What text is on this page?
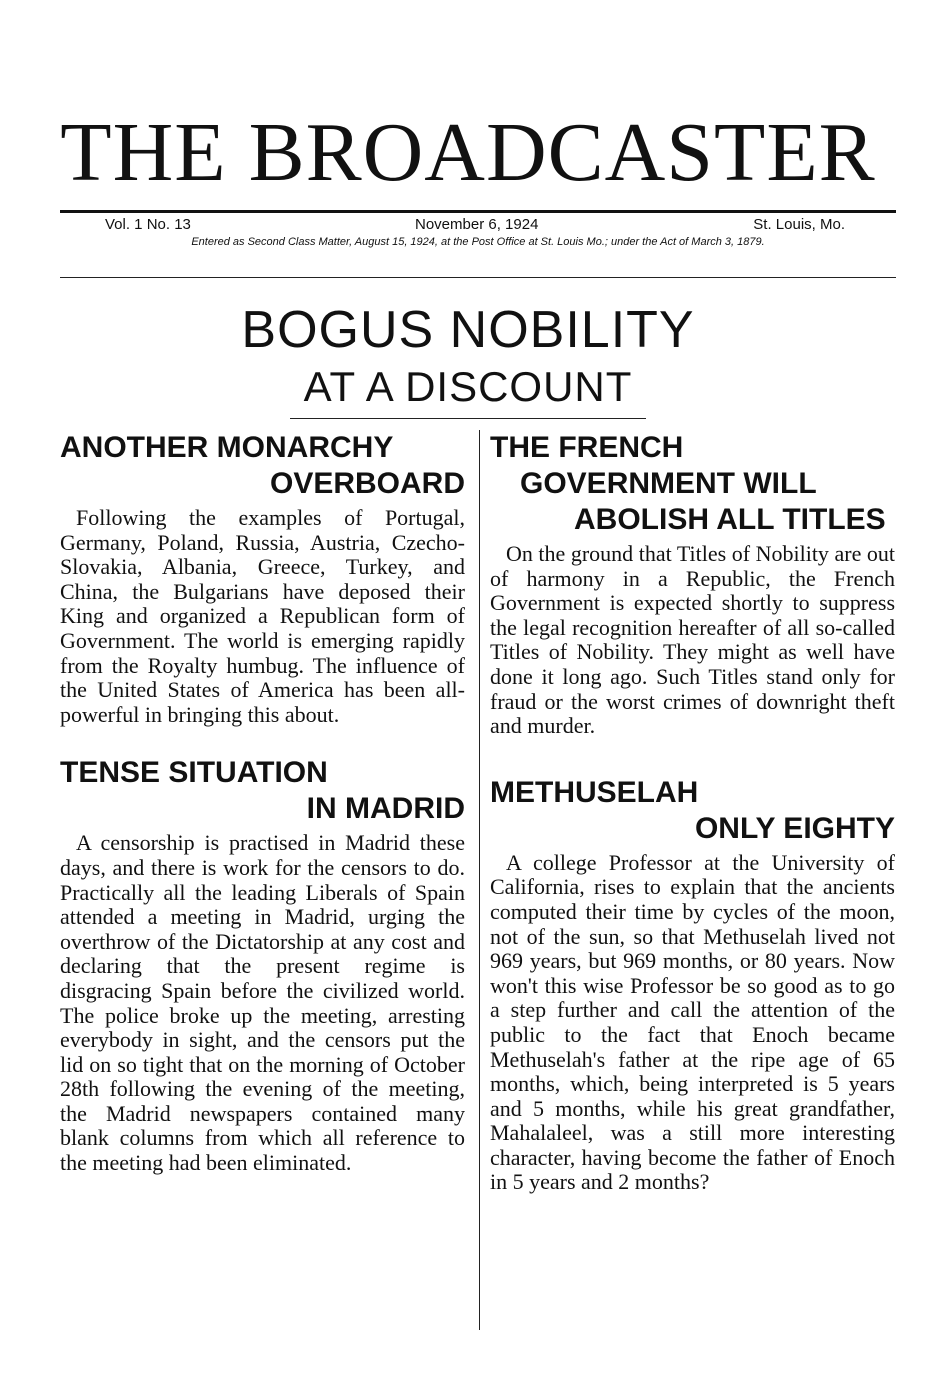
THE BROADCASTER
Vol. 1 No. 13	November 6, 1924	St. Louis, Mo.
Entered as Second Class Matter, August 15, 1924, at the Post Office at St. Louis Mo.; under the Act of March 3, 1879.
BOGUS NOBILITY
AT A DISCOUNT
ANOTHER MONARCHY
OVERBOARD

Following the examples of Portugal, Germany, Poland, Russia, Austria, Czecho-Slovakia, Albania, Greece, Turkey, and China, the Bulgarians have deposed their King and organized a Republican form of Government. The world is emerging rapidly from the Royalty humbug. The influence of the United States of America has been all-powerful in bringing this about.

TENSE SITUATION
IN MADRID

A censorship is practised in Madrid these days, and there is work for the censors to do. Practically all the leading Liberals of Spain attended a meeting in Madrid, urging the overthrow of the Dictatorship at any cost and declaring that the present regime is disgracing Spain before the civilized world. The police broke up the meeting, arresting everybody in sight, and the censors put the lid on so tight that on the morning of October 28th following the evening of the meeting, the Madrid newspapers contained many blank columns from which all reference to the meeting had been eliminated.

THE FRENCH
GOVERNMENT WILL
ABOLISH ALL TITLES

On the ground that Titles of Nobility are out of harmony in a Republic, the French Government is expected shortly to suppress the legal recognition hereafter of all so-called Titles of Nobility. They might as well have done it long ago. Such Titles stand only for fraud or the worst crimes of downright theft and murder.

METHUSELAH
ONLY EIGHTY

A college Professor at the University of California, rises to explain that the ancients computed their time by cycles of the moon, not of the sun, so that Methuselah lived not 969 years, but 969 months, or 80 years. Now won't this wise Professor be so good as to go a step further and call the attention of the public to the fact that Enoch became Methuselah's father at the ripe age of 65 months, which, being interpreted is 5 years and 5 months, while his great grandfather, Mahalaleel, was a still more interesting character, having become the father of Enoch in 5 years and 2 months?
